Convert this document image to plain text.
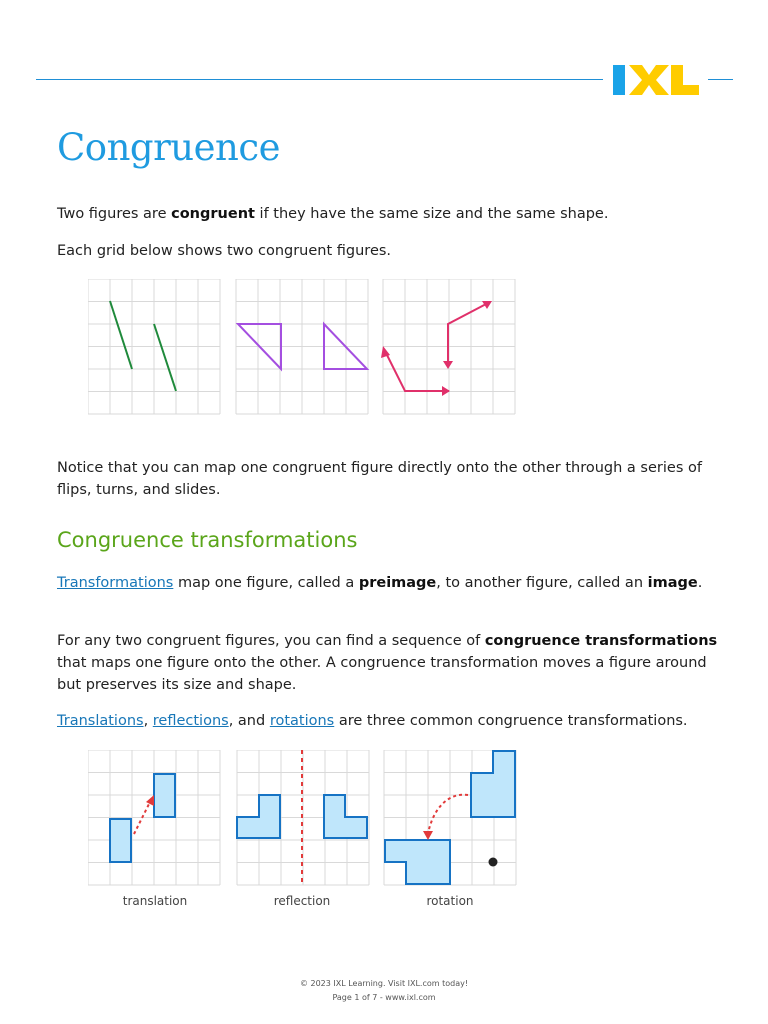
Congruence

Two figures are congruent if they have the same size and the same shape.

Each grid below shows two congruent figures.

Notice that you can map one congruent figure directly onto the other through a series of flips, turns, and slides.

Congruence transformations

Transformations map one figure, called a preimage, to another figure, called an image.

For any two congruent figures, you can find a sequence of congruence transformations that maps one figure onto the other. A congruence transformation moves a figure around but preserves its size and shape.

Translations, reflections, and rotations are three common congruence transformations.

translation	reflection	rotation
© 2023 IXL Learning. Visit IXL.com today!
Page 1 of 7 - www.ixl.com
